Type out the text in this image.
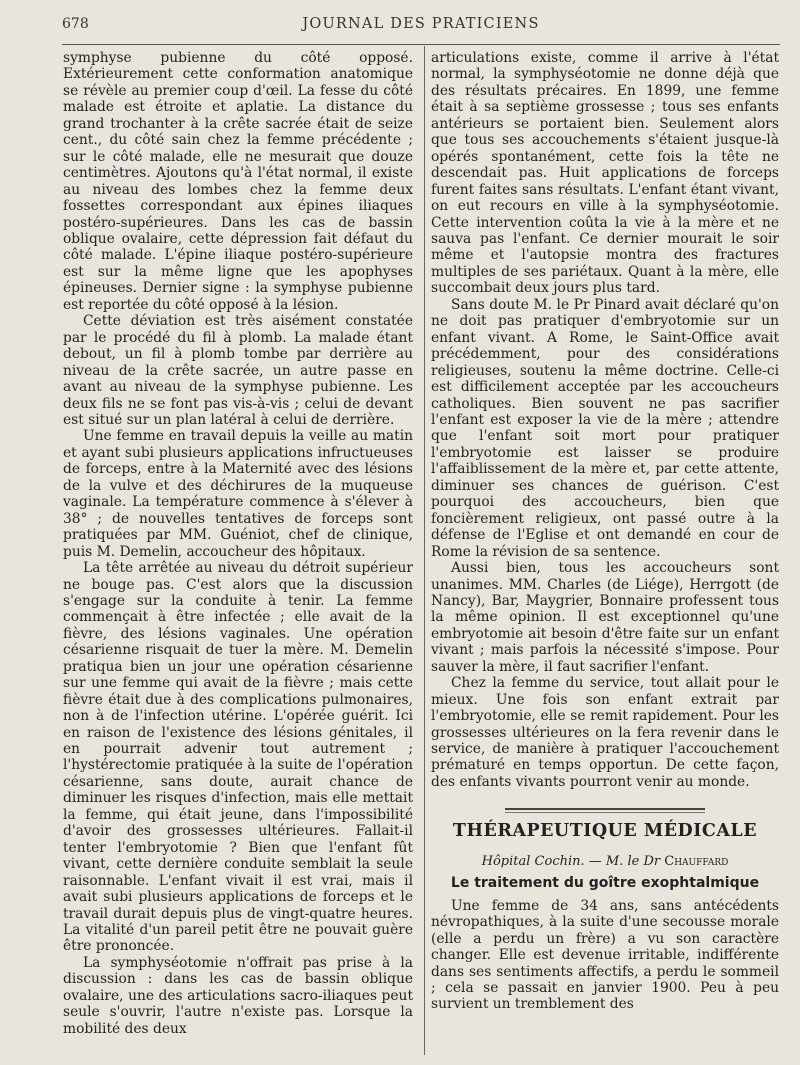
678	JOURNAL DES PRATICIENS

symphyse pubienne du côté opposé. Extérieurement cette conformation anatomique se révèle au premier coup d'œil. La fesse du côté malade est étroite et aplatie. La distance du grand trochanter à la crête sacrée était de seize cent., du côté sain chez la femme précédente ; sur le côté malade, elle ne mesurait que douze centimètres. Ajoutons qu'à l'état normal, il existe au niveau des lombes chez la femme deux fossettes correspondant aux épines iliaques postéro-supérieures. Dans les cas de bassin oblique ovalaire, cette dépression fait défaut du côté malade. L'épine iliaque postéro-supérieure est sur la même ligne que les apophyses épineuses. Dernier signe : la symphyse pubienne est reportée du côté opposé à la lésion.

Cette déviation est très aisément constatée par le procédé du fil à plomb. La malade étant debout, un fil à plomb tombe par derrière au niveau de la crête sacrée, un autre passe en avant au niveau de la symphyse pubienne. Les deux fils ne se font pas vis-à-vis ; celui de devant est situé sur un plan latéral à celui de derrière.

Une femme en travail depuis la veille au matin et ayant subi plusieurs applications infructueuses de forceps, entre à la Maternité avec des lésions de la vulve et des déchirures de la muqueuse vaginale. La température commence à s'élever à 38° ; de nouvelles tentatives de forceps sont pratiquées par MM. Guéniot, chef de clinique, puis M. Demelin, accoucheur des hôpitaux.

La tête arrêtée au niveau du détroit supérieur ne bouge pas. C'est alors que la discussion s'engage sur la conduite à tenir. La femme commençait à être infectée ; elle avait de la fièvre, des lésions vaginales. Une opération césarienne risquait de tuer la mère. M. Demelin pratiqua bien un jour une opération césarienne sur une femme qui avait de la fièvre ; mais cette fièvre était due à des complications pulmonaires, non à de l'infection utérine. L'opérée guérit. Ici en raison de l'existence des lésions génitales, il en pourrait advenir tout autrement ; l'hystérectomie pratiquée à la suite de l'opération césarienne, sans doute, aurait chance de diminuer les risques d'infection, mais elle mettait la femme, qui était jeune, dans l'impossibilité d'avoir des grossesses ultérieures. Fallait-il tenter l'embryotomie ? Bien que l'enfant fût vivant, cette dernière conduite semblait la seule raisonnable. L'enfant vivait il est vrai, mais il avait subi plusieurs applications de forceps et le travail durait depuis plus de vingt-quatre heures. La vitalité d'un pareil petit être ne pouvait guère être prononcée.

La symphyséotomie n'offrait pas prise à la discussion : dans les cas de bassin oblique ovalaire, une des articulations sacro-iliaques peut seule s'ouvrir, l'autre n'existe pas. Lorsque la mobilité des deux

articulations existe, comme il arrive à l'état normal, la symphyséotomie ne donne déjà que des résultats précaires. En 1899, une femme était à sa septième grossesse ; tous ses enfants antérieurs se portaient bien. Seulement alors que tous ses accouchements s'étaient jusque-là opérés spontanément, cette fois la tête ne descendait pas. Huit applications de forceps furent faites sans résultats. L'enfant étant vivant, on eut recours en ville à la symphyséotomie. Cette intervention coûta la vie à la mère et ne sauva pas l'enfant. Ce dernier mourait le soir même et l'autopsie montra des fractures multiples de ses pariétaux. Quant à la mère, elle succombait deux jours plus tard.

Sans doute M. le Pr Pinard avait déclaré qu'on ne doit pas pratiquer d'embryotomie sur un enfant vivant. A Rome, le Saint-Office avait précédemment, pour des considérations religieuses, soutenu la même doctrine. Celle-ci est difficilement acceptée par les accoucheurs catholiques. Bien souvent ne pas sacrifier l'enfant est exposer la vie de la mère ; attendre que l'enfant soit mort pour pratiquer l'embryotomie est laisser se produire l'affaiblissement de la mère et, par cette attente, diminuer ses chances de guérison. C'est pourquoi des accoucheurs, bien que foncièrement religieux, ont passé outre à la défense de l'Eglise et ont demandé en cour de Rome la révision de sa sentence.

Aussi bien, tous les accoucheurs sont unanimes. MM. Charles (de Liége), Herrgott (de Nancy), Bar, Maygrier, Bonnaire professent tous la même opinion. Il est exceptionnel qu'une embryotomie ait besoin d'être faite sur un enfant vivant ; mais parfois la nécessité s'impose. Pour sauver la mère, il faut sacrifier l'enfant.

Chez la femme du service, tout allait pour le mieux. Une fois son enfant extrait par l'embryotomie, elle se remit rapidement. Pour les grossesses ultérieures on la fera revenir dans le service, de manière à pratiquer l'accouchement prématuré en temps opportun. De cette façon, des enfants vivants pourront venir au monde.

THÉRAPEUTIQUE MÉDICALE
Hôpital Cochin. — M. le Dr Chauffard
Le traitement du goître exophtalmique

Une femme de 34 ans, sans antécédents névropathiques, à la suite d'une secousse morale (elle a perdu un frère) a vu son caractère changer. Elle est devenue irritable, indifférente dans ses sentiments affectifs, a perdu le sommeil ; cela se passait en janvier 1900. Peu à peu survient un tremblement des
